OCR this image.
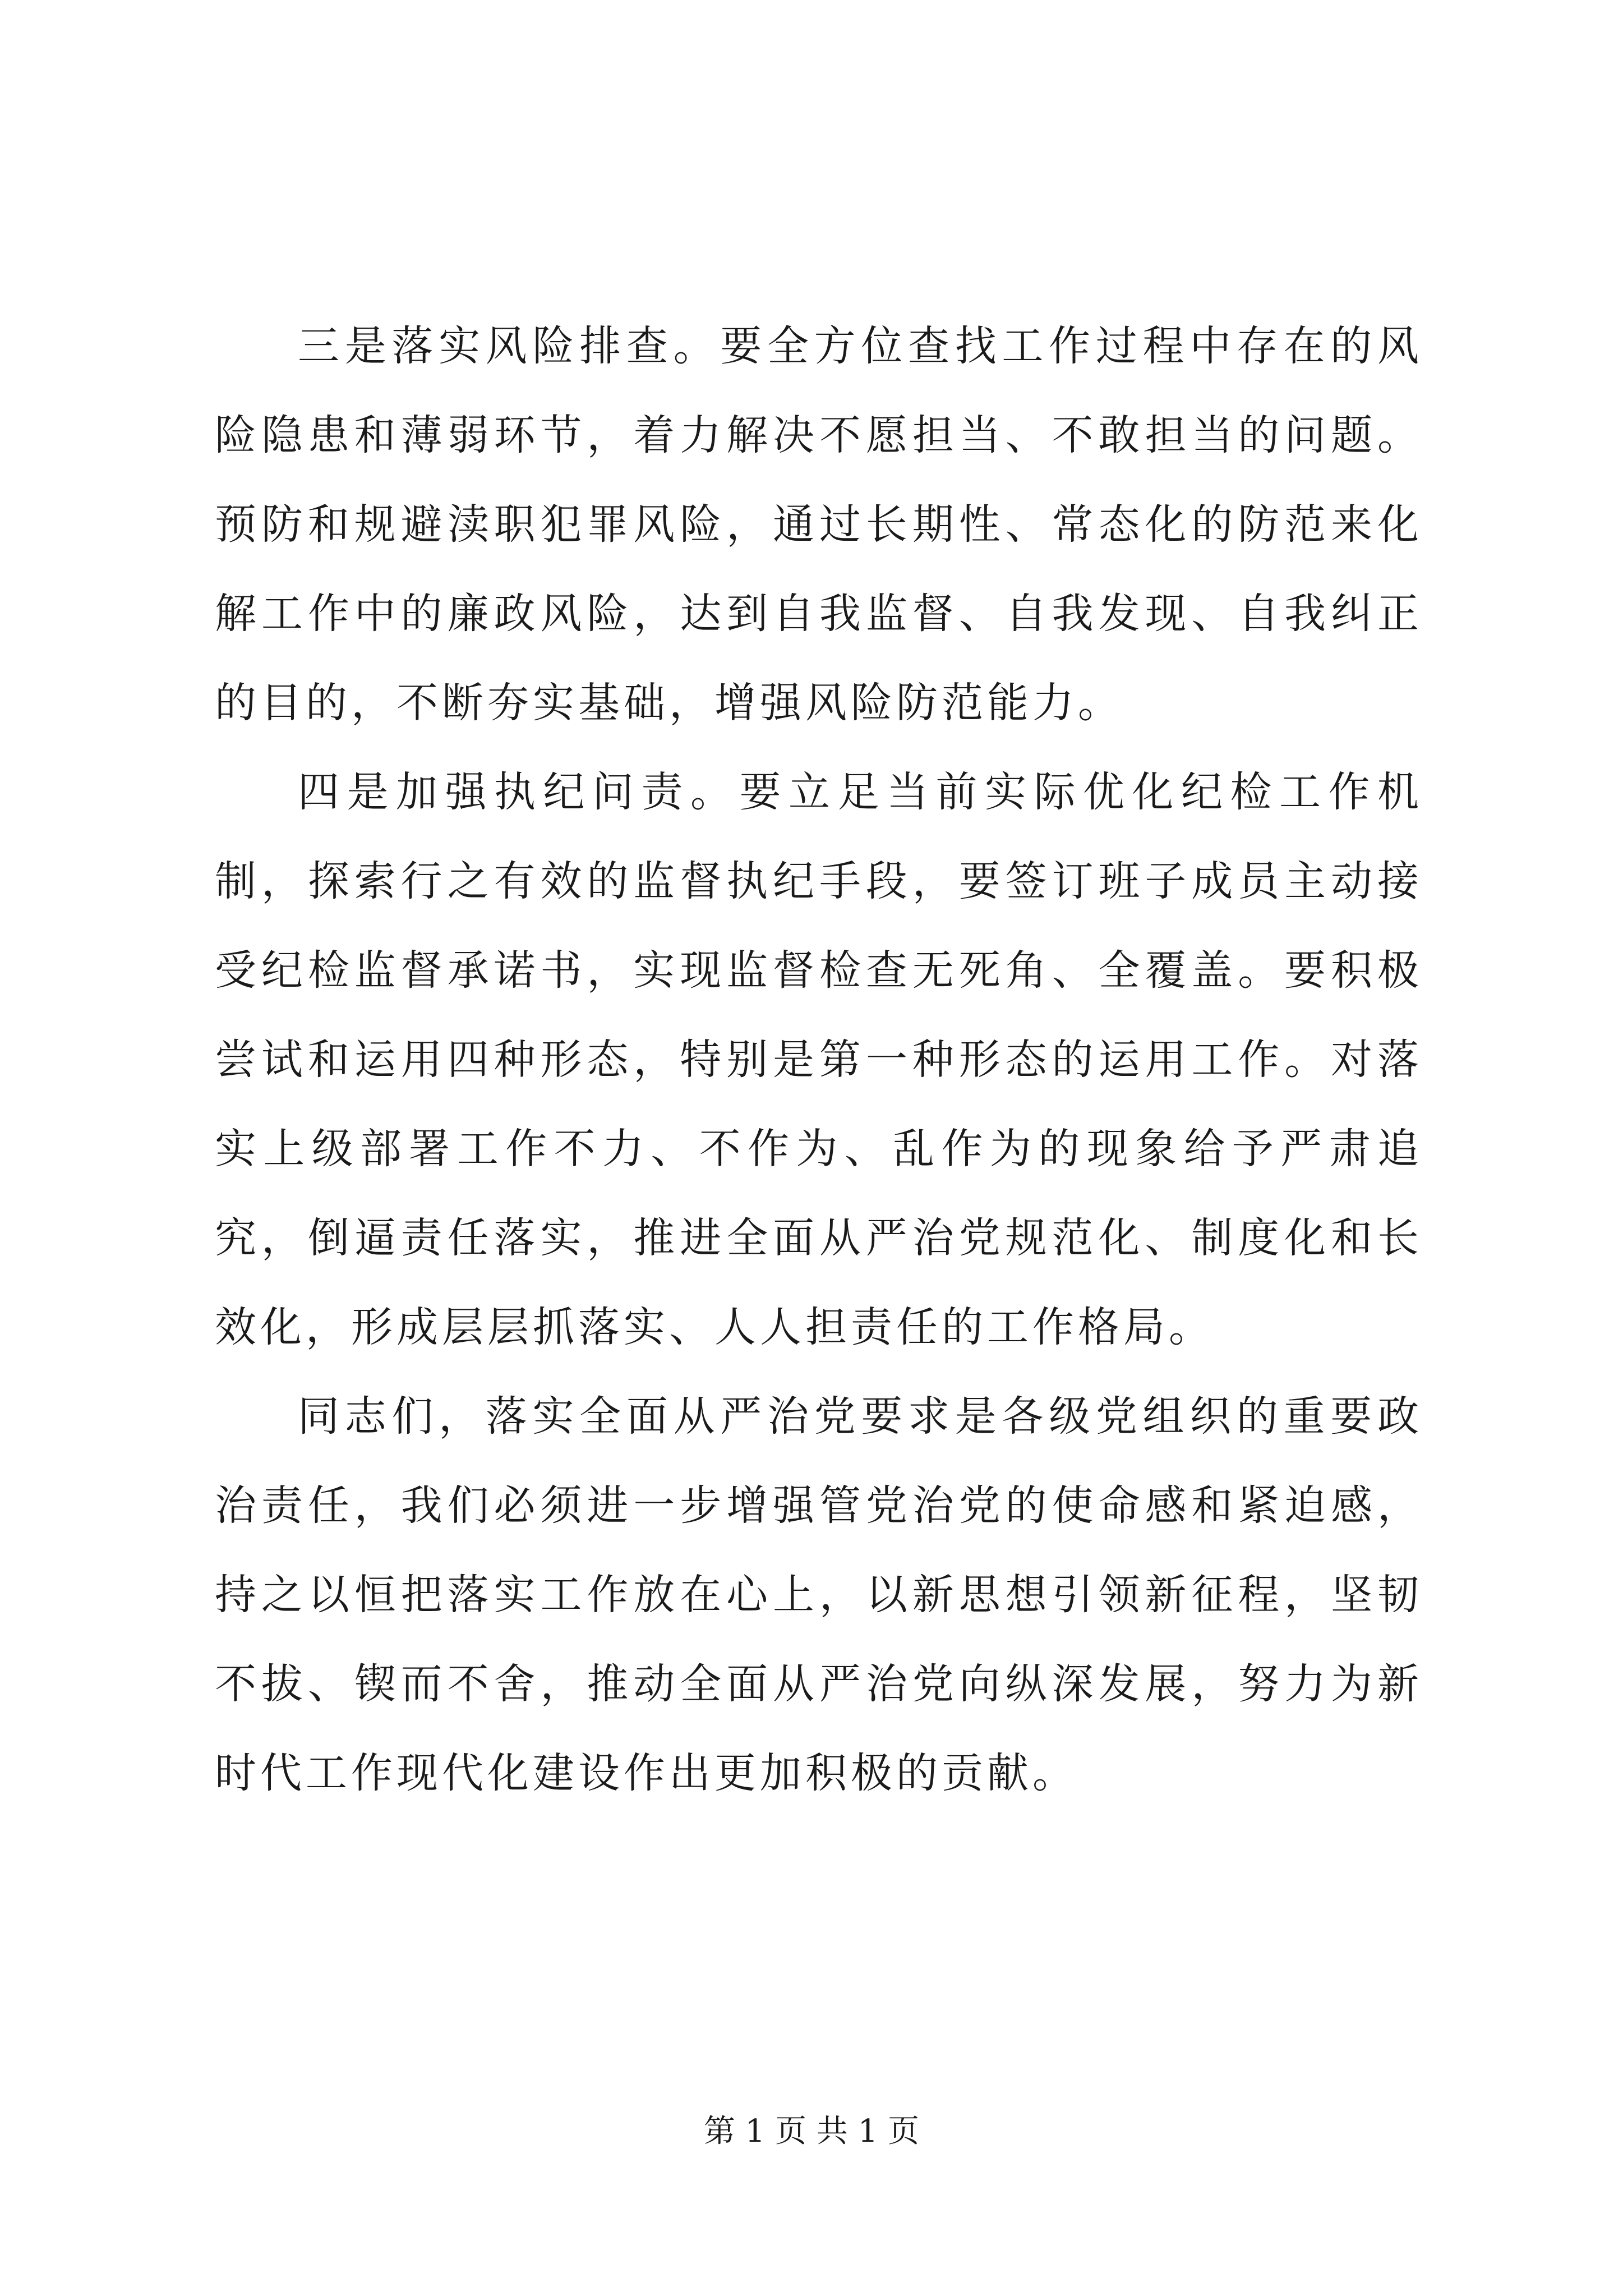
三是落实风险排查。要全方位查找工作过程中存在的风险隐患和薄弱环节，着力解决不愿担当、不敢担当的问题。预防和规避渎职犯罪风险，通过长期性、常态化的防范来化解工作中的廉政风险，达到自我监督、自我发现、自我纠正的目的，不断夯实基础，增强风险防范能力。

四是加强执纪问责。要立足当前实际优化纪检工作机制，探索行之有效的监督执纪手段，要签订班子成员主动接受纪检监督承诺书，实现监督检查无死角、全覆盖。要积极尝试和运用四种形态，特别是第一种形态的运用工作。对落实上级部署工作不力、不作为、乱作为的现象给予严肃追究，倒逼责任落实，推进全面从严治党规范化、制度化和长效化，形成层层抓落实、人人担责任的工作格局。

同志们，落实全面从严治党要求是各级党组织的重要政治责任，我们必须进一步增强管党治党的使命感和紧迫感，持之以恒把落实工作放在心上，以新思想引领新征程，坚韧不拔、锲而不舍，推动全面从严治党向纵深发展，努力为新时代工作现代化建设作出更加积极的贡献。

第 1 页 共 1 页
